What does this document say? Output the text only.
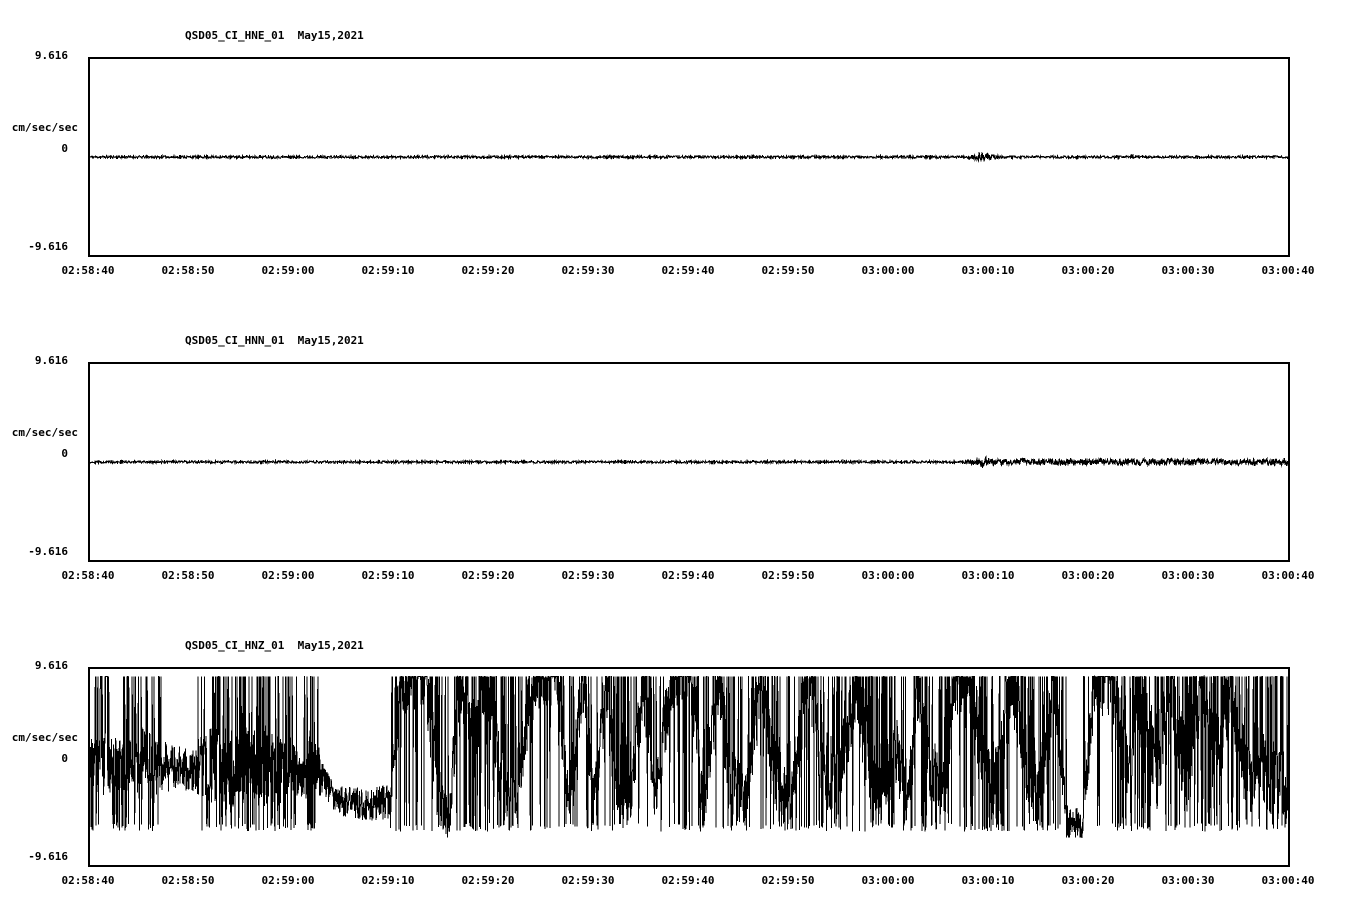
QSD05_CI_HNE_01  May15,2021
9.616
cm/sec/sec
0
-9.616
02:58:40	02:58:50	02:59:00	02:59:10	02:59:20	02:59:30	02:59:40	02:59:50	03:00:00	03:00:10	03:00:20	03:00:30	03:00:40
QSD05_CI_HNN_01  May15,2021
9.616
cm/sec/sec
0
-9.616
02:58:40	02:58:50	02:59:00	02:59:10	02:59:20	02:59:30	02:59:40	02:59:50	03:00:00	03:00:10	03:00:20	03:00:30	03:00:40
QSD05_CI_HNZ_01  May15,2021
9.616
cm/sec/sec
0
-9.616
02:58:40	02:58:50	02:59:00	02:59:10	02:59:20	02:59:30	02:59:40	02:59:50	03:00:00	03:00:10	03:00:20	03:00:30	03:00:40
